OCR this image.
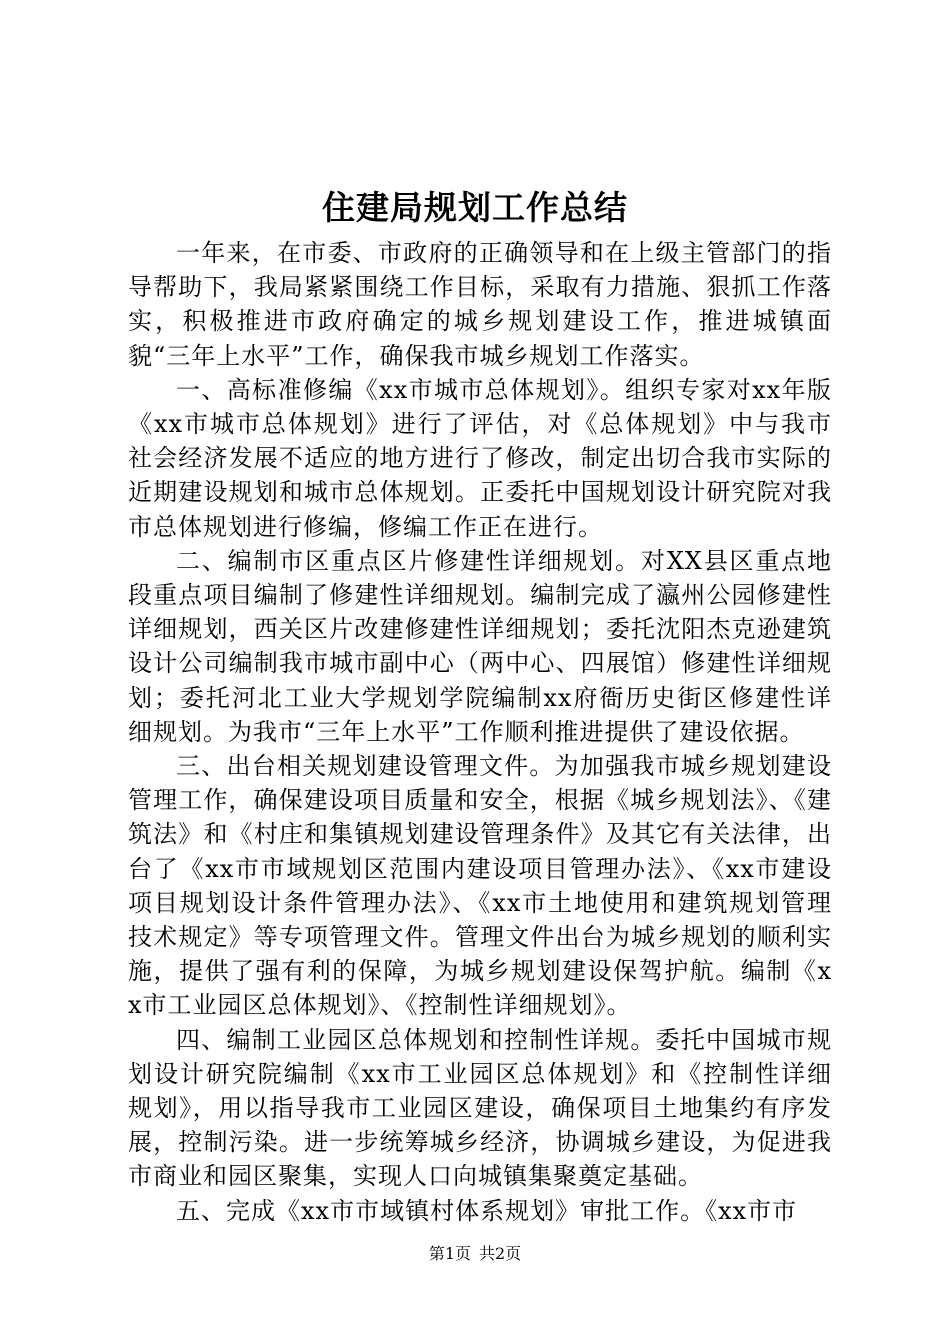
住建局规划工作总结

一年来，在市委、市政府的正确领导和在上级主管部门的指导帮助下，我局紧紧围绕工作目标，采取有力措施、狠抓工作落实，积极推进市政府确定的城乡规划建设工作，推进城镇面貌“三年上水平”工作，确保我市城乡规划工作落实。

一、高标准修编《xx市城市总体规划》。组织专家对xx年版《xx市城市总体规划》进行了评估，对《总体规划》中与我市社会经济发展不适应的地方进行了修改，制定出切合我市实际的近期建设规划和城市总体规划。正委托中国规划设计研究院对我市总体规划进行修编，修编工作正在进行。

二、编制市区重点区片修建性详细规划。对XX县区重点地段重点项目编制了修建性详细规划。编制完成了瀛州公园修建性详细规划，西关区片改建修建性详细规划；委托沈阳杰克逊建筑设计公司编制我市城市副中心（两中心、四展馆）修建性详细规划；委托河北工业大学规划学院编制xx府衙历史街区修建性详细规划。为我市“三年上水平”工作顺利推进提供了建设依据。

三、出台相关规划建设管理文件。为加强我市城乡规划建设管理工作，确保建设项目质量和安全，根据《城乡规划法》、《建筑法》和《村庄和集镇规划建设管理条件》及其它有关法律，出台了《xx市市域规划区范围内建设项目管理办法》、《xx市建设项目规划设计条件管理办法》、《xx市土地使用和建筑规划管理技术规定》等专项管理文件。管理文件出台为城乡规划的顺利实施，提供了强有利的保障，为城乡规划建设保驾护航。编制《xx市工业园区总体规划》、《控制性详细规划》。

四、编制工业园区总体规划和控制性详规。委托中国城市规划设计研究院编制《xx市工业园区总体规划》和《控制性详细规划》，用以指导我市工业园区建设，确保项目土地集约有序发展，控制污染。进一步统筹城乡经济，协调城乡建设，为促进我市商业和园区聚集，实现人口向城镇集聚奠定基础。

五、完成《xx市市域镇村体系规划》审批工作。《xx市市

第1页 共2页
